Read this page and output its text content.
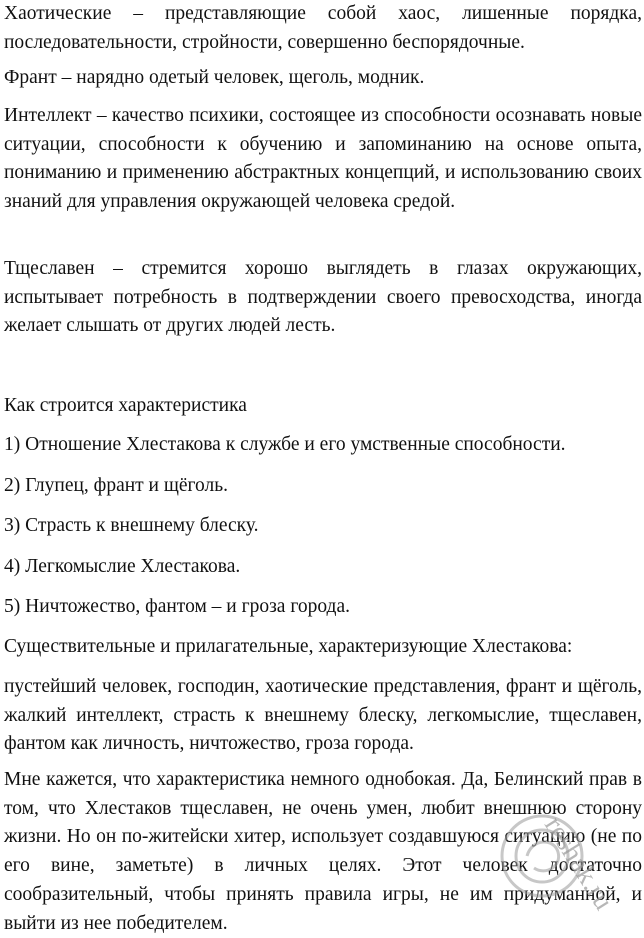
Хаотические – представляющие собой хаос, лишенные порядка, последовательности, стройности, совершенно беспорядочные.

Франт – нарядно одетый человек, щеголь, модник.

Интеллект – качество психики, состоящее из способности осознавать новые ситуации, способности к обучению и запоминанию на основе опыта, пониманию и применению абстрактных концепций, и использованию своих знаний для управления окружающей человека средой.

Тщеславен – стремится хорошо выглядеть в глазах окружающих, испытывает потребность в подтверждении своего превосходства, иногда желает слышать от других людей лесть.

Как строится характеристика

1) Отношение Хлестакова к службе и его умственные способности.

2) Глупец, франт и щёголь.

3) Страсть к внешнему блеску.

4) Легкомыслие Хлестакова.

5) Ничтожество, фантом – и гроза города.

Существительные и прилагательные, характеризующие Хлестакова:

пустейший человек, господин, хаотические представления, франт и щёголь, жалкий интеллект, страсть к внешнему блеску, легкомыслие, тщеславен, фантом как личность, ничтожество, гроза города.

Мне кажется, что характеристика немного однобокая. Да, Белинский прав в том, что Хлестаков тщеславен, не очень умен, любит внешнюю сторону жизни. Но он по-житейски хитер, использует создавшуюся ситуацию (не по его вине, заметьте) в личных целях. Этот человек достаточно сообразительный, чтобы принять правила игры, не им придуманной, и выйти из нее победителем.

reshak.ru
